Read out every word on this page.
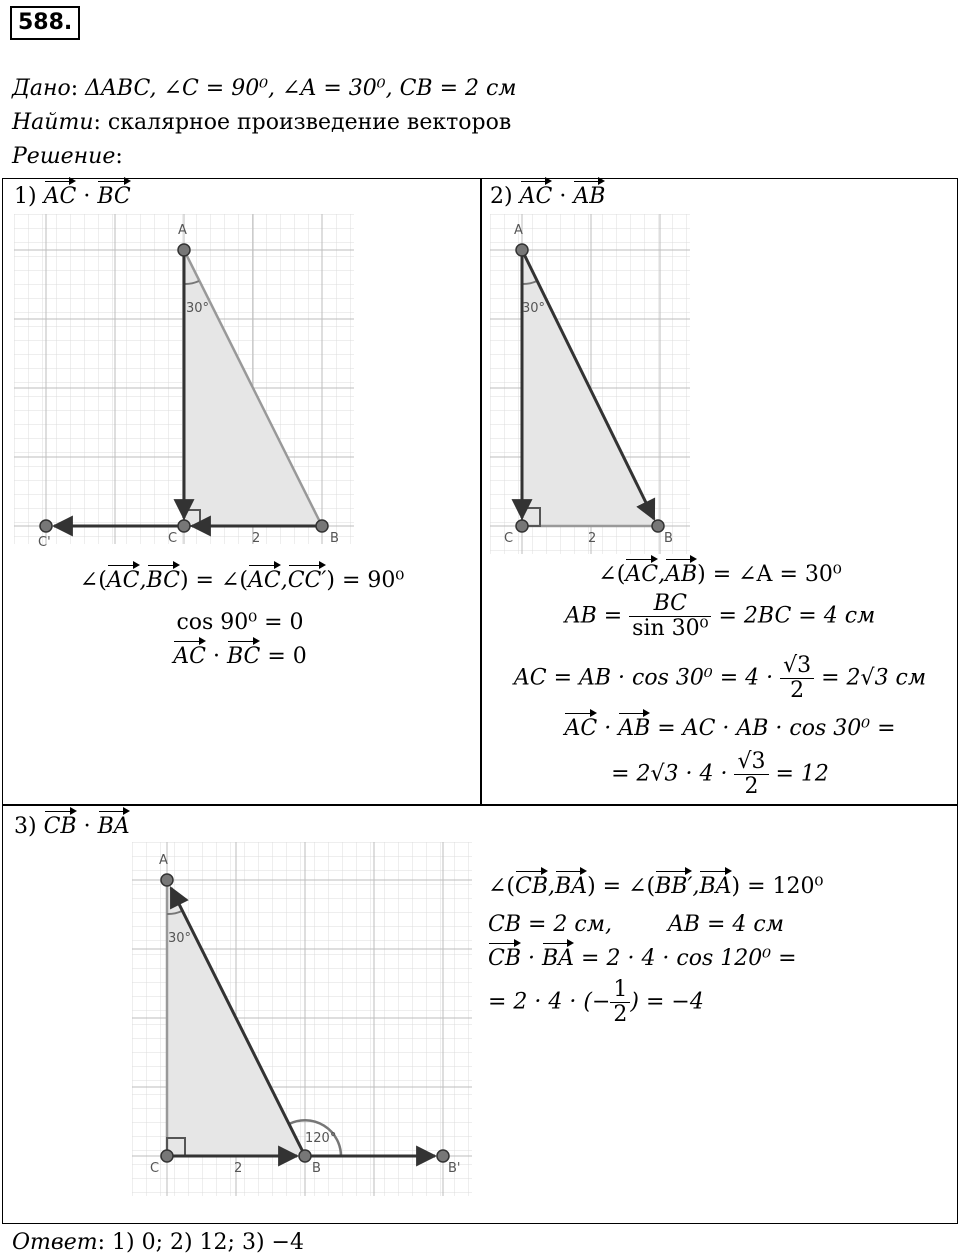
588.
Дано: ΔABC, ∠C = 90⁰, ∠A = 30⁰, CB = 2 см
Найти: скалярное произведение векторов
Решение:
1) AC · BC
A
C	B
C'
30°
2
∠(AC,BC) = ∠(AC,CC′) = 90⁰
cos 90⁰ = 0
AC · BC = 0
2) AC · AB
A
C	B
30°
2
∠(AC,AB) = ∠A = 30⁰
AB = $\frac{BC}{\text{sin 30⁰}} = 2BC = 4$ см
AC = AB · $\cos 30^0 = 4 \cdot \frac{√3}{2} = 2√3$ см
AC · AB = AC · AB · cos 30⁰ =
= $2√3 \cdot 4 \cdot \frac{√3}{2} = 12$
3) CB · BA
A
C	B	B'
30°
120°
2
∠(CB,BA) = ∠(BB′,BA) = 120⁰
CB = 2 см,        AB = 4 см
CB · BA = 2 · 4 · cos 120⁰ =
= 2 · 4 · (− $\frac{1}{2}$ ) = −4
Ответ: 1) 0; 2) 12; 3) −4
